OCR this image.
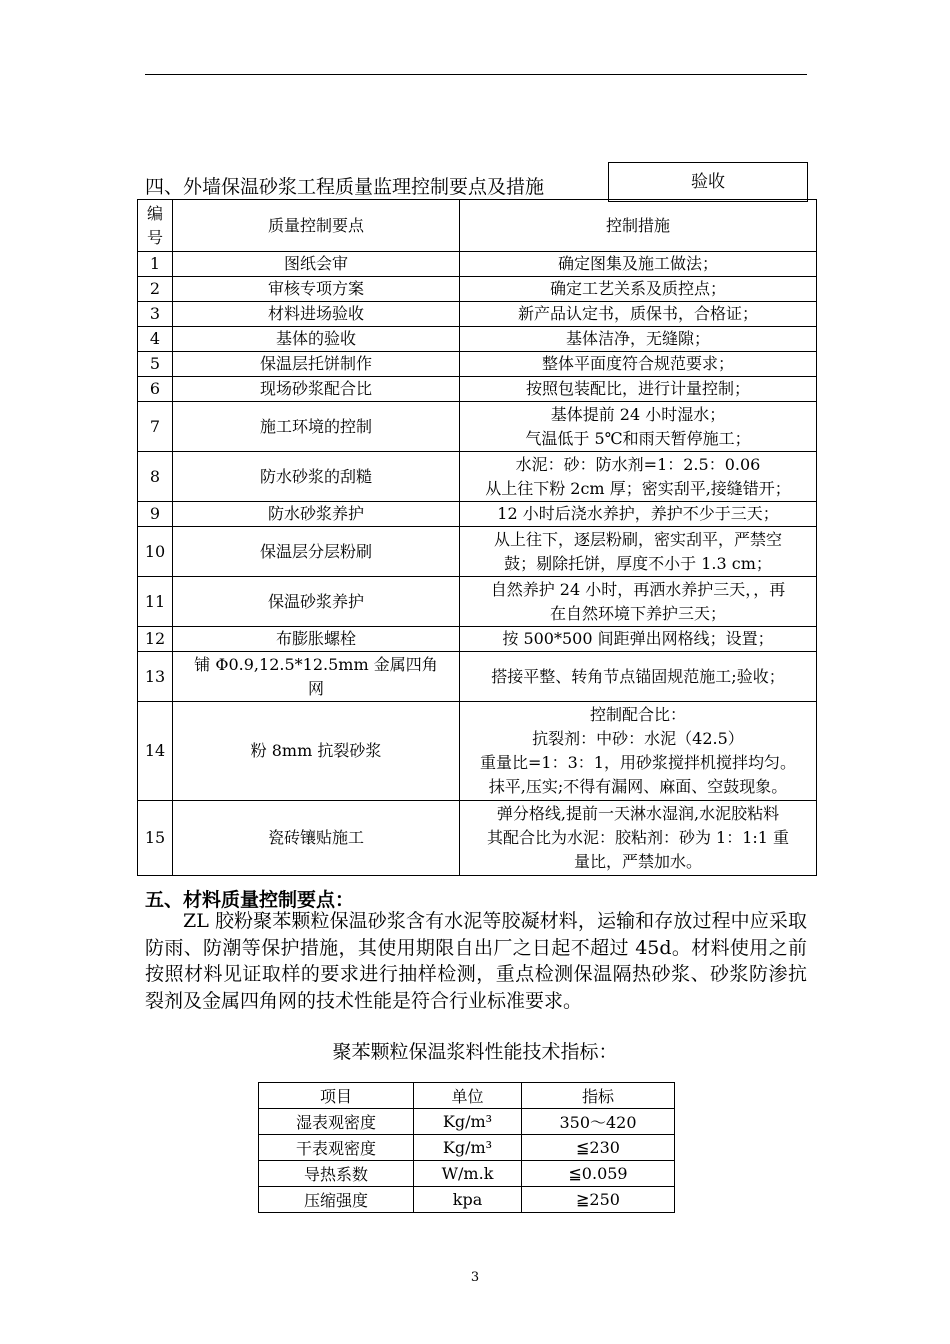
四、外墙保温砂浆工程质量监理控制要点及措施	验收
编
号	质量控制要点	控制措施
1	图纸会审	确定图集及施工做法；

2	审核专项方案	确定工艺关系及质控点；

3	材料进场验收	新产品认定书，质保书，合格证；

4	基体的验收	基体洁净，无缝隙；

5	保温层托饼制作	整体平面度符合规范要求；

6	现场砂浆配合比	按照包装配比，进行计量控制；

7	施工环境的控制	基体提前 24 小时湿水；
气温低于 5℃和雨天暂停施工；

8	防水砂浆的刮糙	水泥：砂：防水剂=1：2.5：0.06
从上往下粉 2cm 厚；密实刮平,接缝错开；

9	防水砂浆养护	12 小时后浇水养护，养护不少于三天；

10	保温层分层粉刷	从上往下，逐层粉刷，密实刮平，严禁空
鼓；剔除托饼，厚度不小于 1.3 cm；

11	保温砂浆养护	自然养护 24 小时，再洒水养护三天，，再
在自然环境下养护三天；

12	布膨胀螺栓	按 500*500 间距弹出网格线；设置；

13	铺 Φ0.9,12.5*12.5mm 金属四角
网	搭接平整、转角节点锚固规范施工;验收；

14	粉 8mm 抗裂砂浆	控制配合比：
抗裂剂：中砂：水泥（42.5）
重量比=1：3：1，用砂浆搅拌机搅拌均匀。
抹平,压实;不得有漏网、麻面、空鼓现象。

15	瓷砖镶贴施工	弹分格线,提前一天淋水湿润,水泥胶粘料
其配合比为水泥：胶粘剂：砂为 1：1:1 重
量比，严禁加水。
五、材料质量控制要点：
ZL 胶粉聚苯颗粒保温砂浆含有水泥等胶凝材料，运输和存放过程中应采取防雨、防潮等保护措施，其使用期限自出厂之日起不超过 45d。材料使用之前按照材料见证取样的要求进行抽样检测，重点检测保温隔热砂浆、砂浆防渗抗裂剂及金属四角网的技术性能是符合行业标准要求。
聚苯颗粒保温浆料性能技术指标：
项目	单位	指标
湿表观密度	Kg/m³	350～420
干表观密度	Kg/m³	≦230
导热系数	W/m.k	≦0.059
压缩强度	kpa	≧250
3
